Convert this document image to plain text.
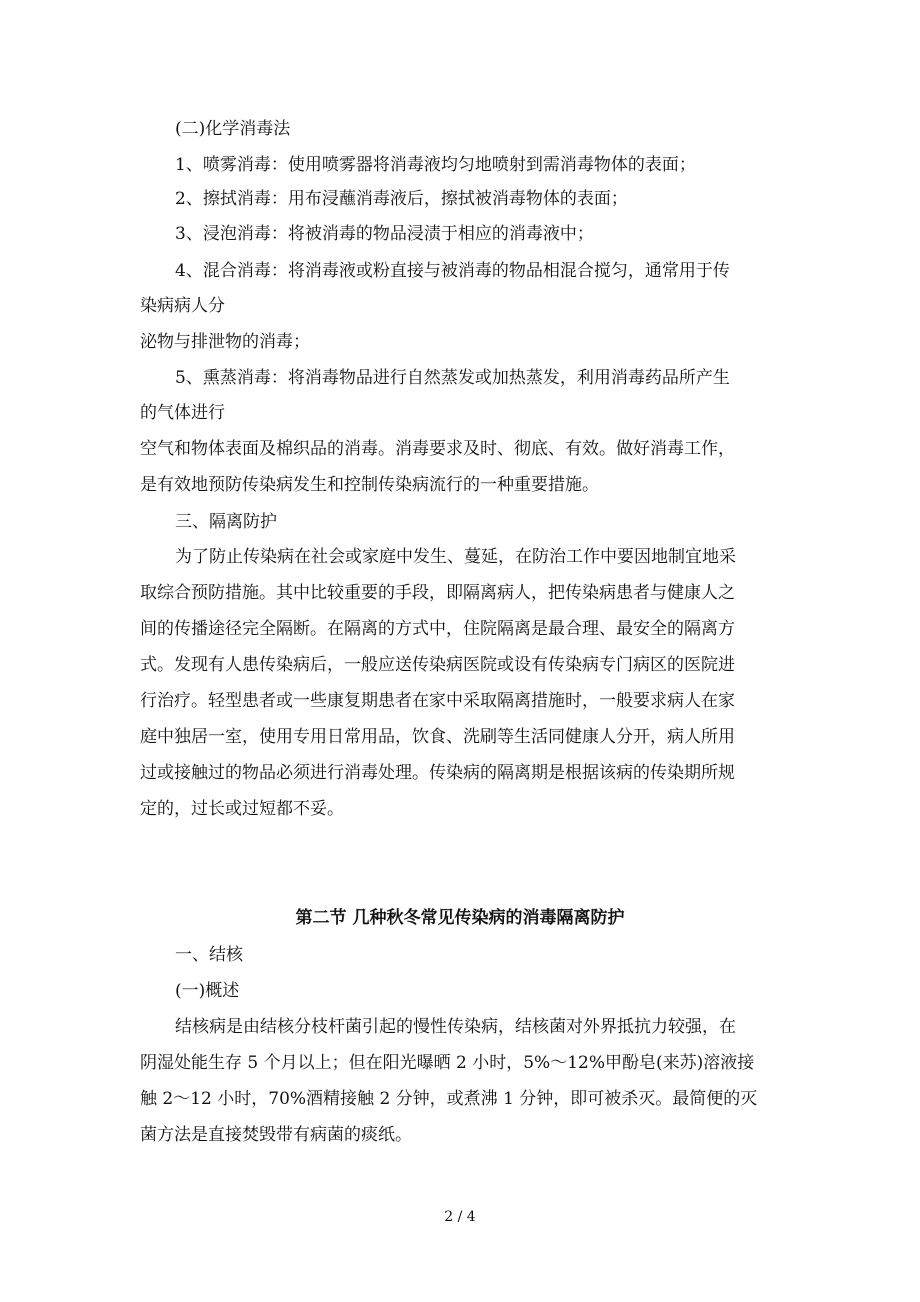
(二)化学消毒法
1、喷雾消毒：使用喷雾器将消毒液均匀地喷射到需消毒物体的表面；
2、擦拭消毒：用布浸蘸消毒液后，擦拭被消毒物体的表面；
3、浸泡消毒：将被消毒的物品浸渍于相应的消毒液中；
4、混合消毒：将消毒液或粉直接与被消毒的物品相混合搅匀，通常用于传
染病病人分
泌物与排泄物的消毒；
5、熏蒸消毒：将消毒物品进行自然蒸发或加热蒸发，利用消毒药品所产生
的气体进行
空气和物体表面及棉织品的消毒。消毒要求及时、彻底、有效。做好消毒工作，
是有效地预防传染病发生和控制传染病流行的一种重要措施。
三、隔离防护
为了防止传染病在社会或家庭中发生、蔓延，在防治工作中要因地制宜地采
取综合预防措施。其中比较重要的手段，即隔离病人，把传染病患者与健康人之
间的传播途径完全隔断。在隔离的方式中，住院隔离是最合理、最安全的隔离方
式。发现有人患传染病后，一般应送传染病医院或设有传染病专门病区的医院进
行治疗。轻型患者或一些康复期患者在家中采取隔离措施时，一般要求病人在家
庭中独居一室，使用专用日常用品，饮食、洗刷等生活同健康人分开，病人所用
过或接触过的物品必须进行消毒处理。传染病的隔离期是根据该病的传染期所规
定的，过长或过短都不妥。
第二节 几种秋冬常见传染病的消毒隔离防护
一、结核
(一)概述
结核病是由结核分枝杆菌引起的慢性传染病，结核菌对外界抵抗力较强，在
阴湿处能生存 5 个月以上；但在阳光曝晒 2 小时，5%～12%甲酚皂(来苏)溶液接
触 2～12 小时，70%酒精接触 2 分钟，或煮沸 1 分钟，即可被杀灭。最简便的灭
菌方法是直接焚毁带有病菌的痰纸。
2 / 4
